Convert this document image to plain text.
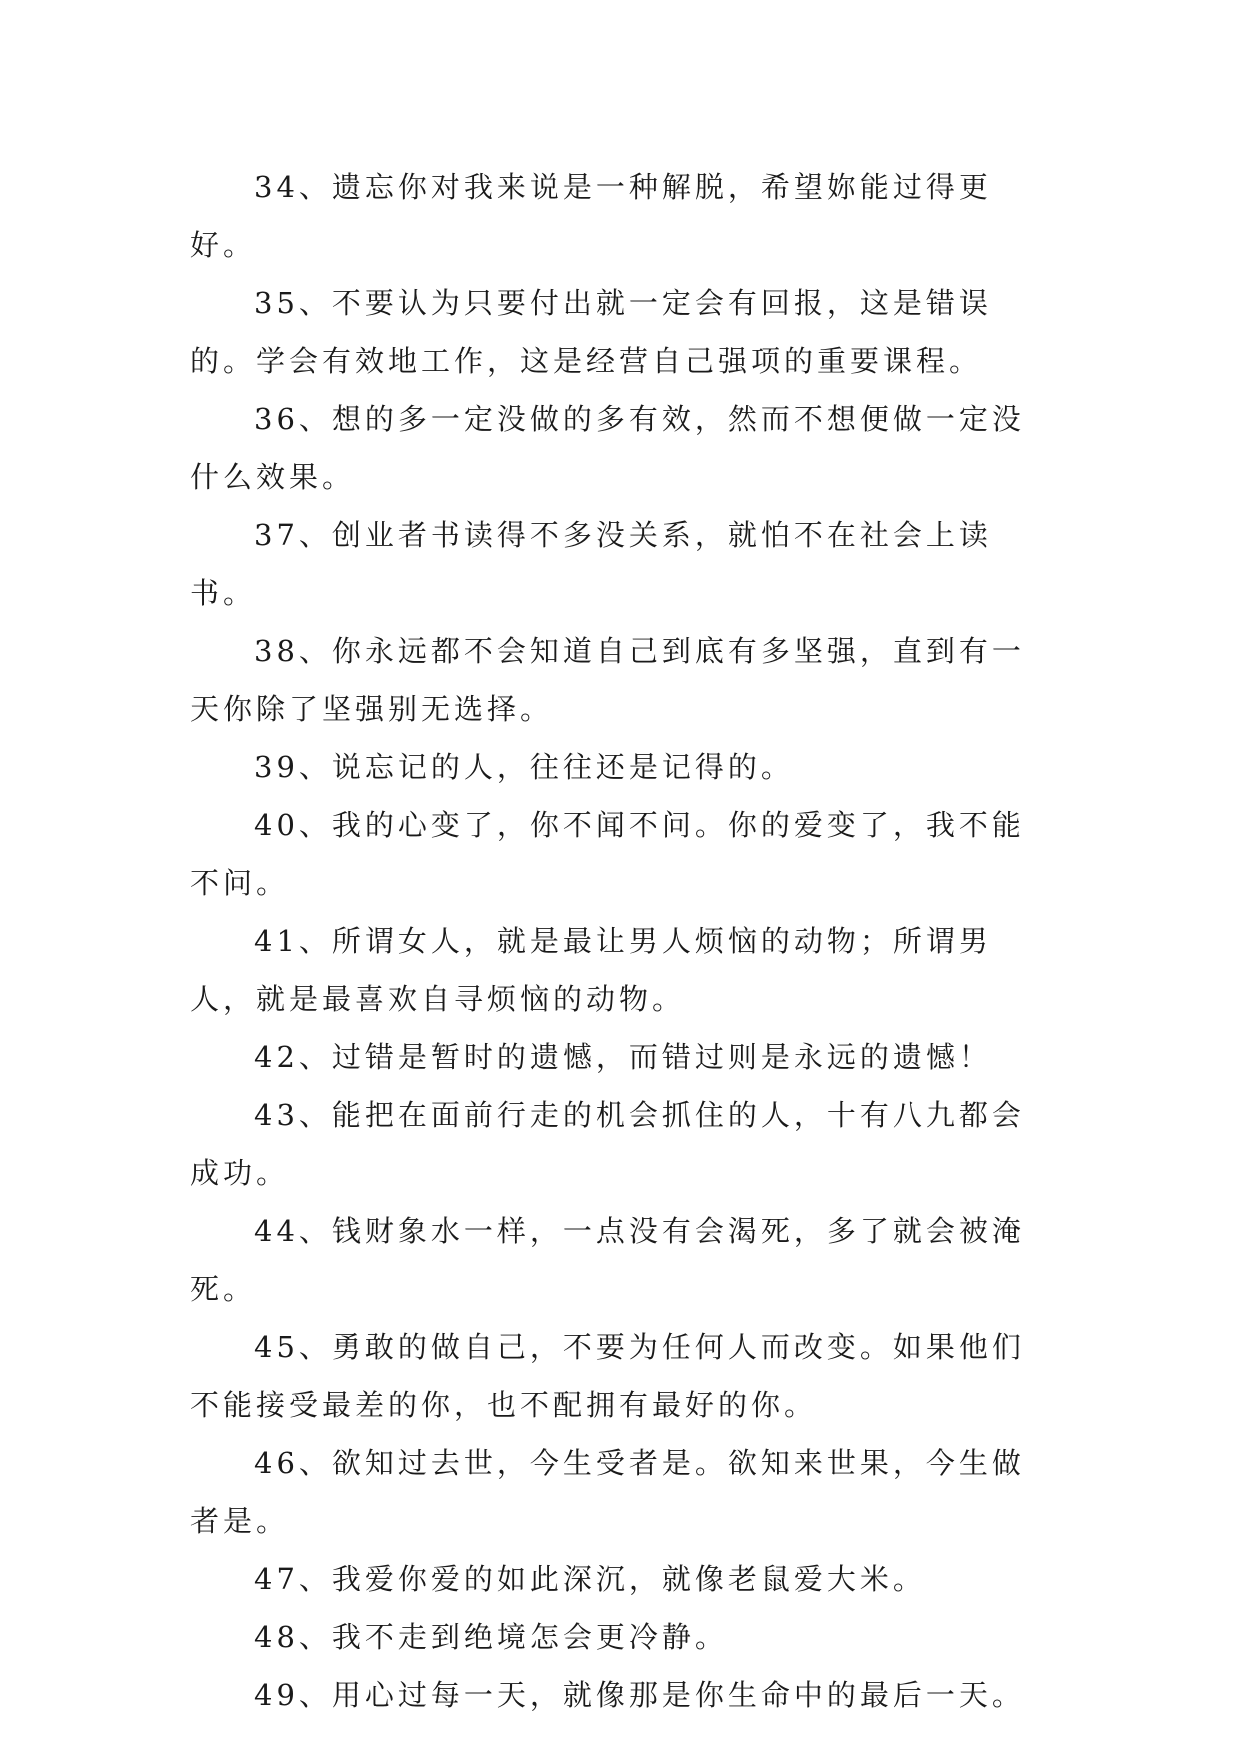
34、遗忘你对我来说是一种解脱，希望妳能过得更好。

35、不要认为只要付出就一定会有回报，这是错误的。学会有效地工作，这是经营自己强项的重要课程。

36、想的多一定没做的多有效，然而不想便做一定没什么效果。

37、创业者书读得不多没关系，就怕不在社会上读书。

38、你永远都不会知道自己到底有多坚强，直到有一天你除了坚强别无选择。

39、说忘记的人，往往还是记得的。

40、我的心变了，你不闻不问。你的爱变了，我不能不问。

41、所谓女人，就是最让男人烦恼的动物；所谓男人，就是最喜欢自寻烦恼的动物。

42、过错是暂时的遗憾，而错过则是永远的遗憾！

43、能把在面前行走的机会抓住的人，十有八九都会成功。

44、钱财象水一样，一点没有会渴死，多了就会被淹死。

45、勇敢的做自己，不要为任何人而改变。如果他们不能接受最差的你，也不配拥有最好的你。

46、欲知过去世，今生受者是。欲知来世果，今生做者是。

47、我爱你爱的如此深沉，就像老鼠爱大米。

48、我不走到绝境怎会更冷静。

49、用心过每一天，就像那是你生命中的最后一天。
